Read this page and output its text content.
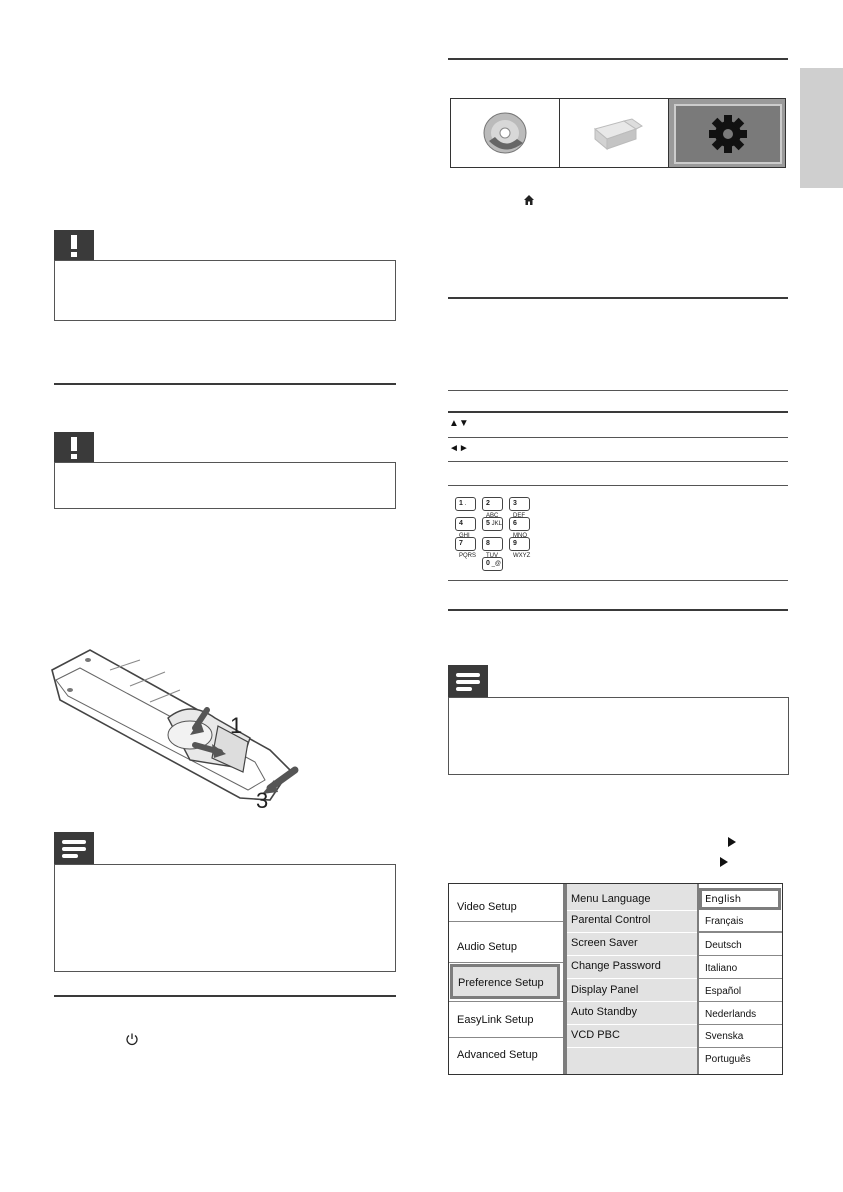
1
3
▲▼
◄►
1 .	2 ABC
3 DEF
4 GHI
5 JKL	6 MNO
7 PQRS
8 TUV
9 WXYZ
0 _@
Video Setup
Audio Setup
Preference Setup
EasyLink Setup
Advanced Setup
Menu Language
Parental Control
Screen Saver
Change Password
Display Panel
Auto Standby
VCD PBC
English
Français
Deutsch
Italiano
Español
Nederlands
Svenska
Português
